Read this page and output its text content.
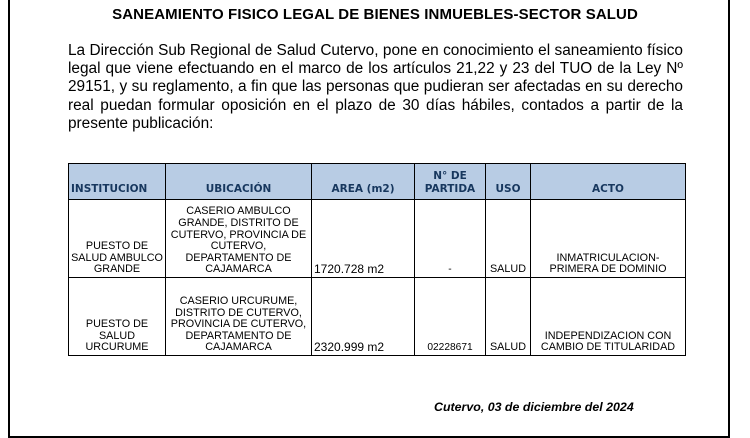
SANEAMIENTO FISICO LEGAL DE BIENES INMUEBLES-SECTOR SALUD
La Dirección Sub Regional de Salud Cutervo, pone en conocimiento el saneamiento físico legal que viene efectuando en el marco de los artículos 21,22 y 23 del TUO de la Ley Nº 29151, y su reglamento, a fin que las personas que pudieran ser afectadas en su derecho real puedan formular oposición en el plazo de 30 días hábiles, contados a partir de la presente publicación:
INSTITUCION	UBICACIÓN	AREA (m2)	N° DE PARTIDA	USO	ACTO
PUESTO DE SALUD AMBULCO GRANDE	CASERIO AMBULCO GRANDE, DISTRITO DE CUTERVO, PROVINCIA DE CUTERVO, DEPARTAMENTO DE CAJAMARCA	1720.728 m2	-	SALUD	INMATRICULACION-PRIMERA DE DOMINIO
PUESTO DE SALUD URCURUME	CASERIO URCURUME, DISTRITO DE CUTERVO, PROVINCIA DE CUTERVO, DEPARTAMENTO DE CAJAMARCA	2320.999 m2	02228671	SALUD	INDEPENDIZACION CON CAMBIO DE TITULARIDAD
Cutervo, 03 de diciembre del 2024
